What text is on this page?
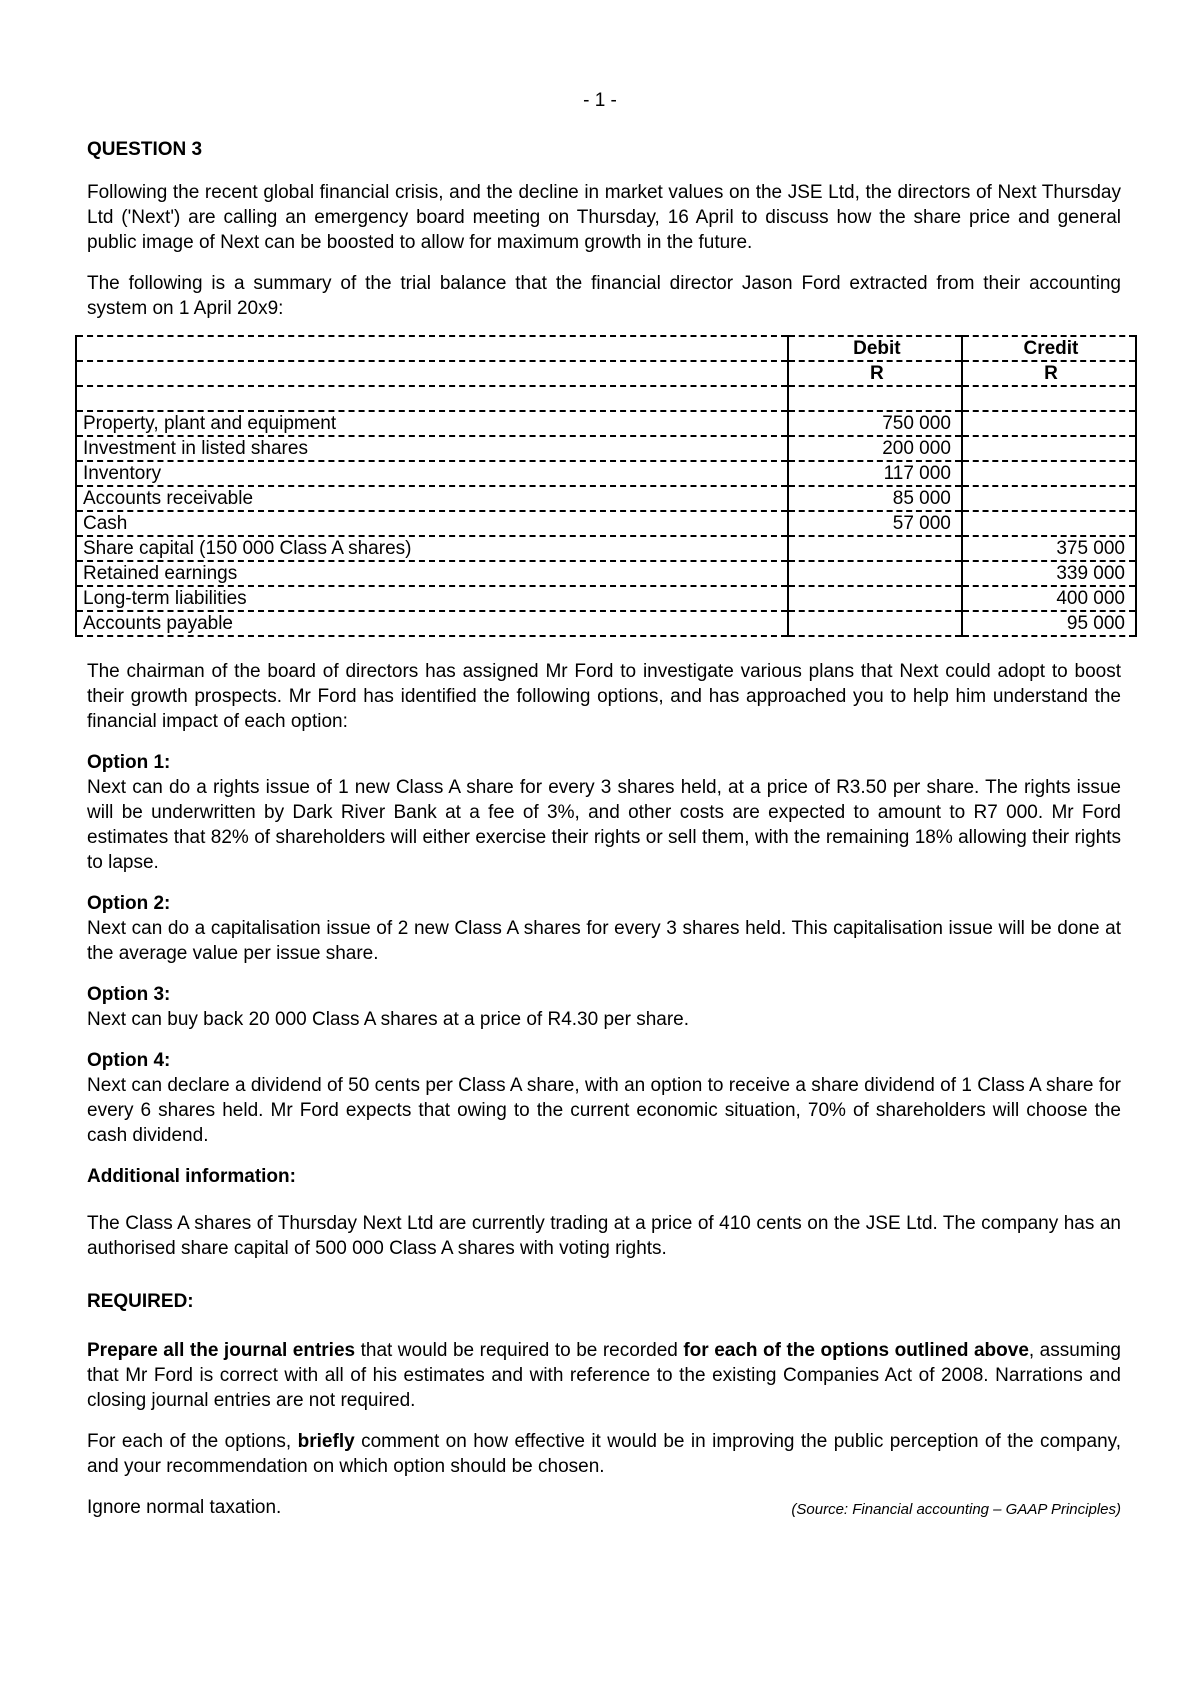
- 1 -
QUESTION 3

Following the recent global financial crisis, and the decline in market values on the JSE Ltd, the directors of Next Thursday Ltd ('Next') are calling an emergency board meeting on Thursday, 16 April to discuss how the share price and general public image of Next can be boosted to allow for maximum growth in the future.

The following is a summary of the trial balance that the financial director Jason Ford extracted from their accounting system on 1 April 20x9:

	Debit	Credit
	R	R

Property, plant and equipment	750 000	
Investment in listed shares	200 000	
Inventory	117 000	
Accounts receivable	85 000	
Cash	57 000	
Share capital (150 000 Class A shares)		375 000
Retained earnings		339 000
Long-term liabilities		400 000
Accounts payable		95 000

The chairman of the board of directors has assigned Mr Ford to investigate various plans that Next could adopt to boost their growth prospects. Mr Ford has identified the following options, and has approached you to help him understand the financial impact of each option:

Option 1:
Next can do a rights issue of 1 new Class A share for every 3 shares held, at a price of R3.50 per share. The rights issue will be underwritten by Dark River Bank at a fee of 3%, and other costs are expected to amount to R7 000. Mr Ford estimates that 82% of shareholders will either exercise their rights or sell them, with the remaining 18% allowing their rights to lapse.
Option 2:
Next can do a capitalisation issue of 2 new Class A shares for every 3 shares held. This capitalisation issue will be done at the average value per issue share.
Option 3:
Next can buy back 20 000 Class A shares at a price of R4.30 per share.
Option 4:
Next can declare a dividend of 50 cents per Class A share, with an option to receive a share dividend of 1 Class A share for every 6 shares held. Mr Ford expects that owing to the current economic situation, 70% of shareholders will choose the cash dividend.
Additional information:

The Class A shares of Thursday Next Ltd are currently trading at a price of 410 cents on the JSE Ltd. The company has an authorised share capital of 500 000 Class A shares with voting rights.

REQUIRED:

Prepare all the journal entries that would be required to be recorded for each of the options outlined above, assuming that Mr Ford is correct with all of his estimates and with reference to the existing Companies Act of 2008. Narrations and closing journal entries are not required.

For each of the options, briefly comment on how effective it would be in improving the public perception of the company, and your recommendation on which option should be chosen.

Ignore normal taxation.	(Source: Financial accounting – GAAP Principles)
